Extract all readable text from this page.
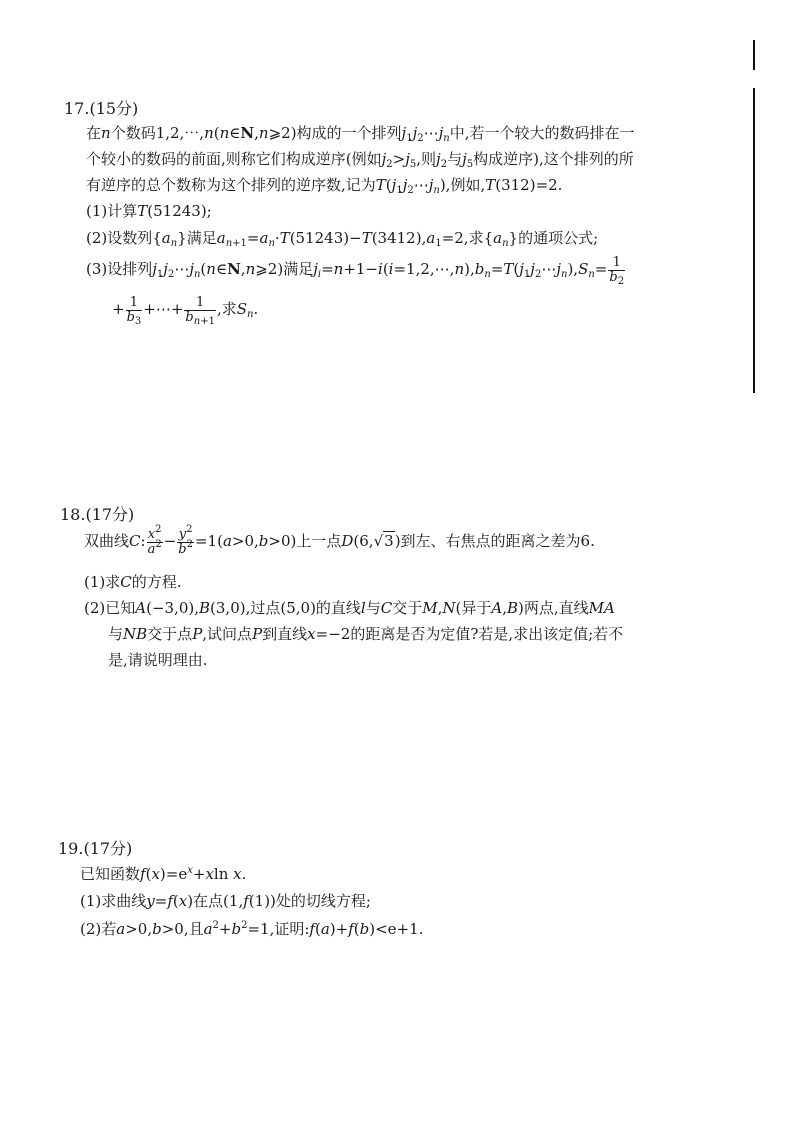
17.(15分)
在n个数码1,2,⋯,n(n∈N,n⩾2)构成的一个排列$j_1j_2\cdots j_n$中,若一个较大的数码排在一
个较小的数码的前面,则称它们构成逆序(例如$j_2>j_5$,则$j_2$与$j_5$构成逆序),这个排列的所
有逆序的总个数称为这个排列的逆序数,记为$T(j_1j_2\cdots j_n)$,例如,T(312)=2.
(1)计算T(51243);
(2)设数列$\{a_n\}$满足$a_{n+1}=a_n\cdot T(51243)-T(3412),a_1=2$,求$\{a_n\}$的通项公式;
(3)设排列$j_1j_2\cdots j_n(n\in N,n⩾2)$满足$j_i=n+1-i(i=1,2,\cdots,n),b_n=T(j_1j_2\cdots j_n),S_n= \frac{1}{b_2}$
+ $\frac{1}{b_3}$ +⋯+ $\frac{1}{b_{n+1}}$ ,求$S_n$.
18.(17分)
双曲线C: $\frac{x^2}{a^2} - \frac{y^2}{b^2} =1(a>0,b>0)$上一点D(6,√3)到左、右焦点的距离之差为6.
(1)求C的方程.
(2)已知A(−3,0),B(3,0),过点(5,0)的直线l与C交于M,N(异于A,B)两点,直线MA
与NB交于点P,试问点P到直线x=−2的距离是否为定值?若是,求出该定值;若不
是,请说明理由.
19.(17分)
已知函数$f(x)=e^x+xln$ x.
(1)求曲线y=f(x)在点(1,f(1))处的切线方程;
(2)若a>0,b>0,且$a^2+b^2=1$,证明:f(a)+f(b)<e+1.
